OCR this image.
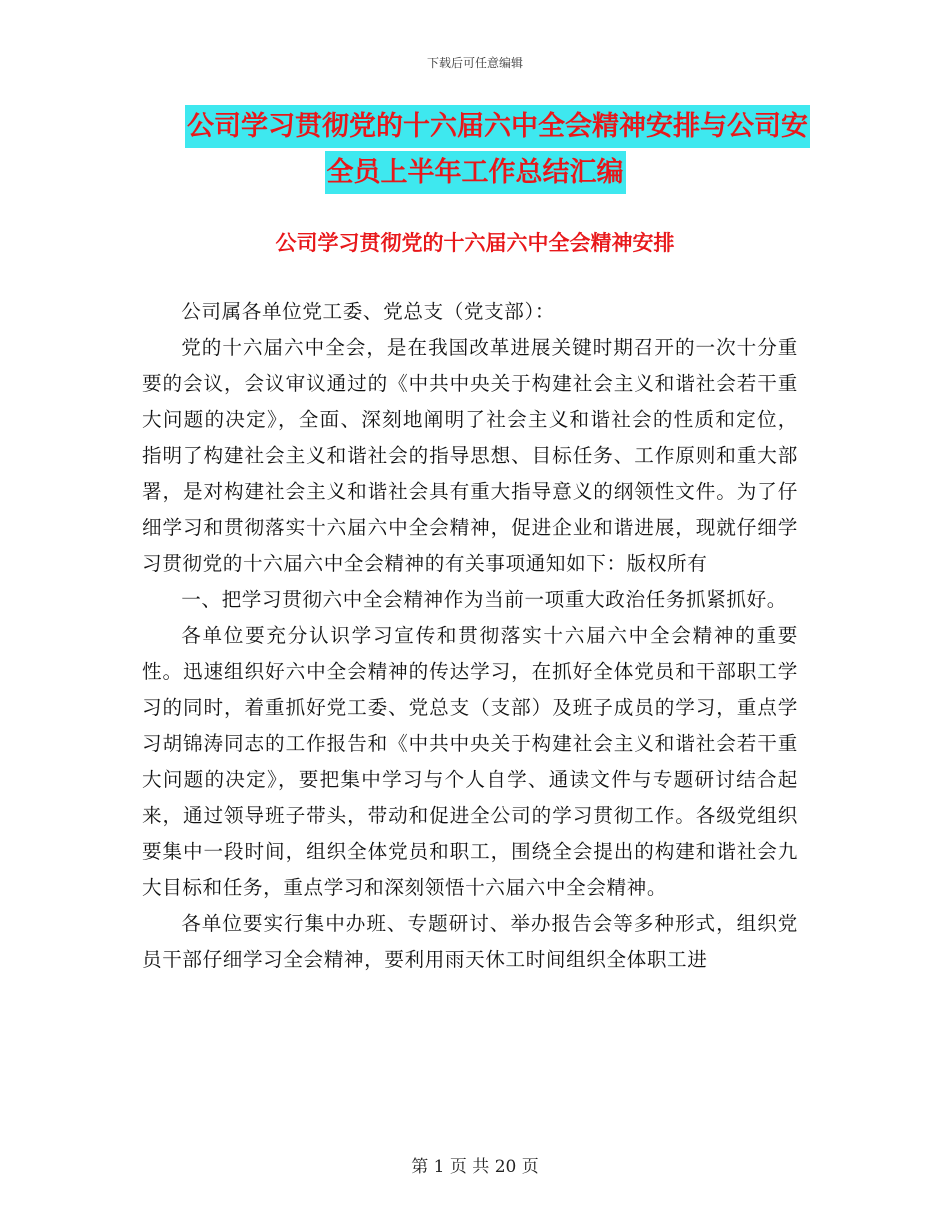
下载后可任意编辑
公司学习贯彻党的十六届六中全会精神安排与公司安
全员上半年工作总结汇编
公司学习贯彻党的十六届六中全会精神安排

公司属各单位党工委、党总支（党支部）：

党的十六届六中全会，是在我国改革进展关键时期召开的一次十分重要的会议，会议审议通过的《中共中央关于构建社会主义和谐社会若干重大问题的决定》，全面、深刻地阐明了社会主义和谐社会的性质和定位，指明了构建社会主义和谐社会的指导思想、目标任务、工作原则和重大部署，是对构建社会主义和谐社会具有重大指导意义的纲领性文件。为了仔细学习和贯彻落实十六届六中全会精神，促进企业和谐进展，现就仔细学习贯彻党的十六届六中全会精神的有关事项通知如下：版权所有

一、把学习贯彻六中全会精神作为当前一项重大政治任务抓紧抓好。

各单位要充分认识学习宣传和贯彻落实十六届六中全会精神的重要性。迅速组织好六中全会精神的传达学习，在抓好全体党员和干部职工学习的同时，着重抓好党工委、党总支（支部）及班子成员的学习，重点学习胡锦涛同志的工作报告和《中共中央关于构建社会主义和谐社会若干重大问题的决定》，要把集中学习与个人自学、通读文件与专题研讨结合起来，通过领导班子带头，带动和促进全公司的学习贯彻工作。各级党组织要集中一段时间，组织全体党员和职工，围绕全会提出的构建和谐社会九大目标和任务，重点学习和深刻领悟十六届六中全会精神。

各单位要实行集中办班、专题研讨、举办报告会等多种形式，组织党员干部仔细学习全会精神，要利用雨天休工时间组织全体职工进

第 1 页 共 20 页
